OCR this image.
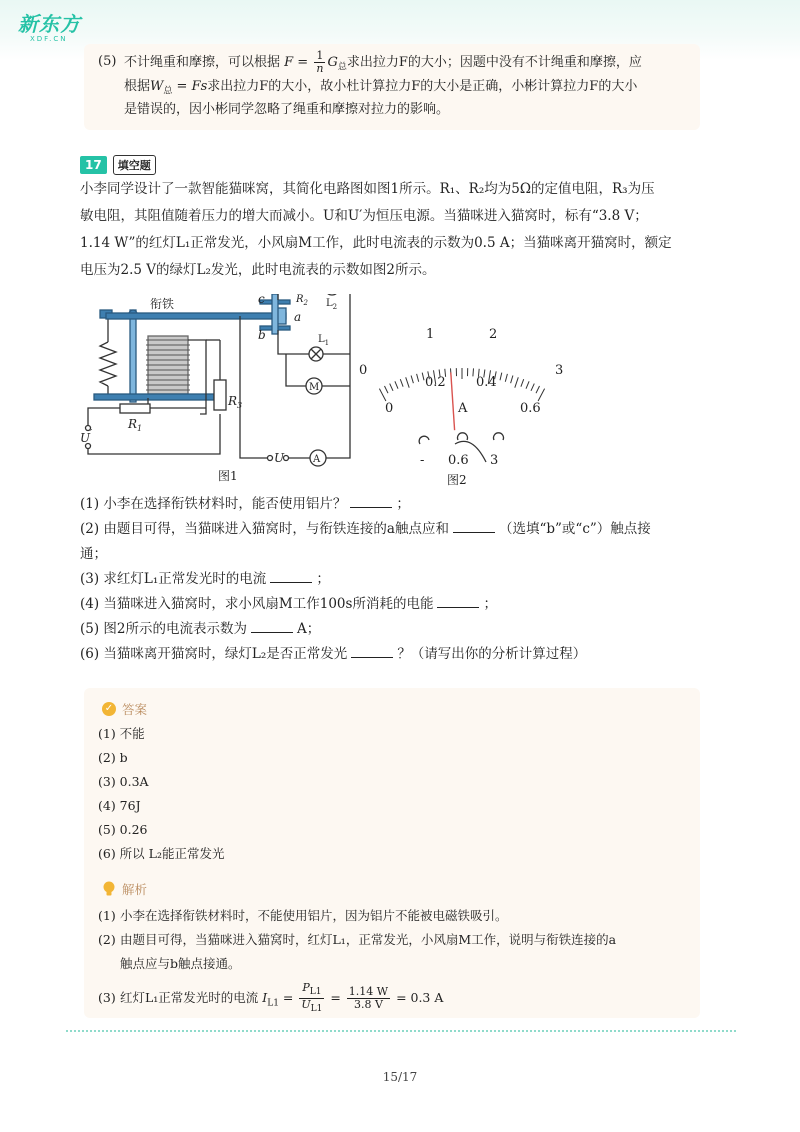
新东方
XDF.CN
(5) 不计绳重和摩擦，可以根据 $F = \frac{1}{n} G_总$求出拉力F的大小；因题中没有不计绳重和摩擦，应
根据$W_总 = Fs$求出拉力F的大小，故小杜计算拉力F的大小是正确，小彬计算拉力F的大小
是错误的，因小彬同学忽略了绳重和摩擦对拉力的影响。
17	填空题
小李同学设计了一款智能猫咪窝，其简化电路图如图1所示。R₁、R₂均为5Ω的定值电阻，R₃为压
敏电阻，其阻值随着压力的增大而减小。U和U′为恒压电源。当猫咪进入猫窝时，标有“3.8 V；
1.14 W”的红灯L₁正常发光，小风扇M工作，此时电流表的示数为0.5 A；当猫咪离开猫窝时，额定
电压为2.5 V的绿灯L₂发光，此时电流表的示数如图2所示。
$R_1$
U′
$R_3$
衔铁	c
a
b
$R_2$ $L_2$
$L_1$
M
U	A
图1
0
1	2
3
0
0.2 0.4
0.6
A
- 0.6 3
图2
(1) 小李在选择衔铁材料时，能否使用铝片？	；
(2) 由题目可得，当猫咪进入猫窝时，与衔铁连接的a触点应和	（选填“b”或“c”）触点接
通；
(3) 求红灯L₁正常发光时的电流	；
(4) 当猫咪进入猫窝时，求小风扇M工作100s所消耗的电能	；
(5) 图2所示的电流表示数为	A；
(6) 当猫咪离开猫窝时，绿灯L₂是否正常发光	？（请写出你的分析计算过程）
✓ 答案
(1) 不能
(2) b
(3) 0.3A
(4) 76J
(5) 0.26
(6) 所以 L₂能正常发光
解析
(1) 小李在选择衔铁材料时，不能使用铝片，因为铝片不能被电磁铁吸引。
(2) 由题目可得，当猫咪进入猫窝时，红灯L₁，正常发光，小风扇M工作，说明与衔铁连接的a
触点应与b触点接通。
(3) 红灯L₁正常发光时的电流 $I_{L1} = \frac{P_{L1}}{U_{L1}} = \frac{1.14 W}{3.8 V} = 0.3$ A
15/17
